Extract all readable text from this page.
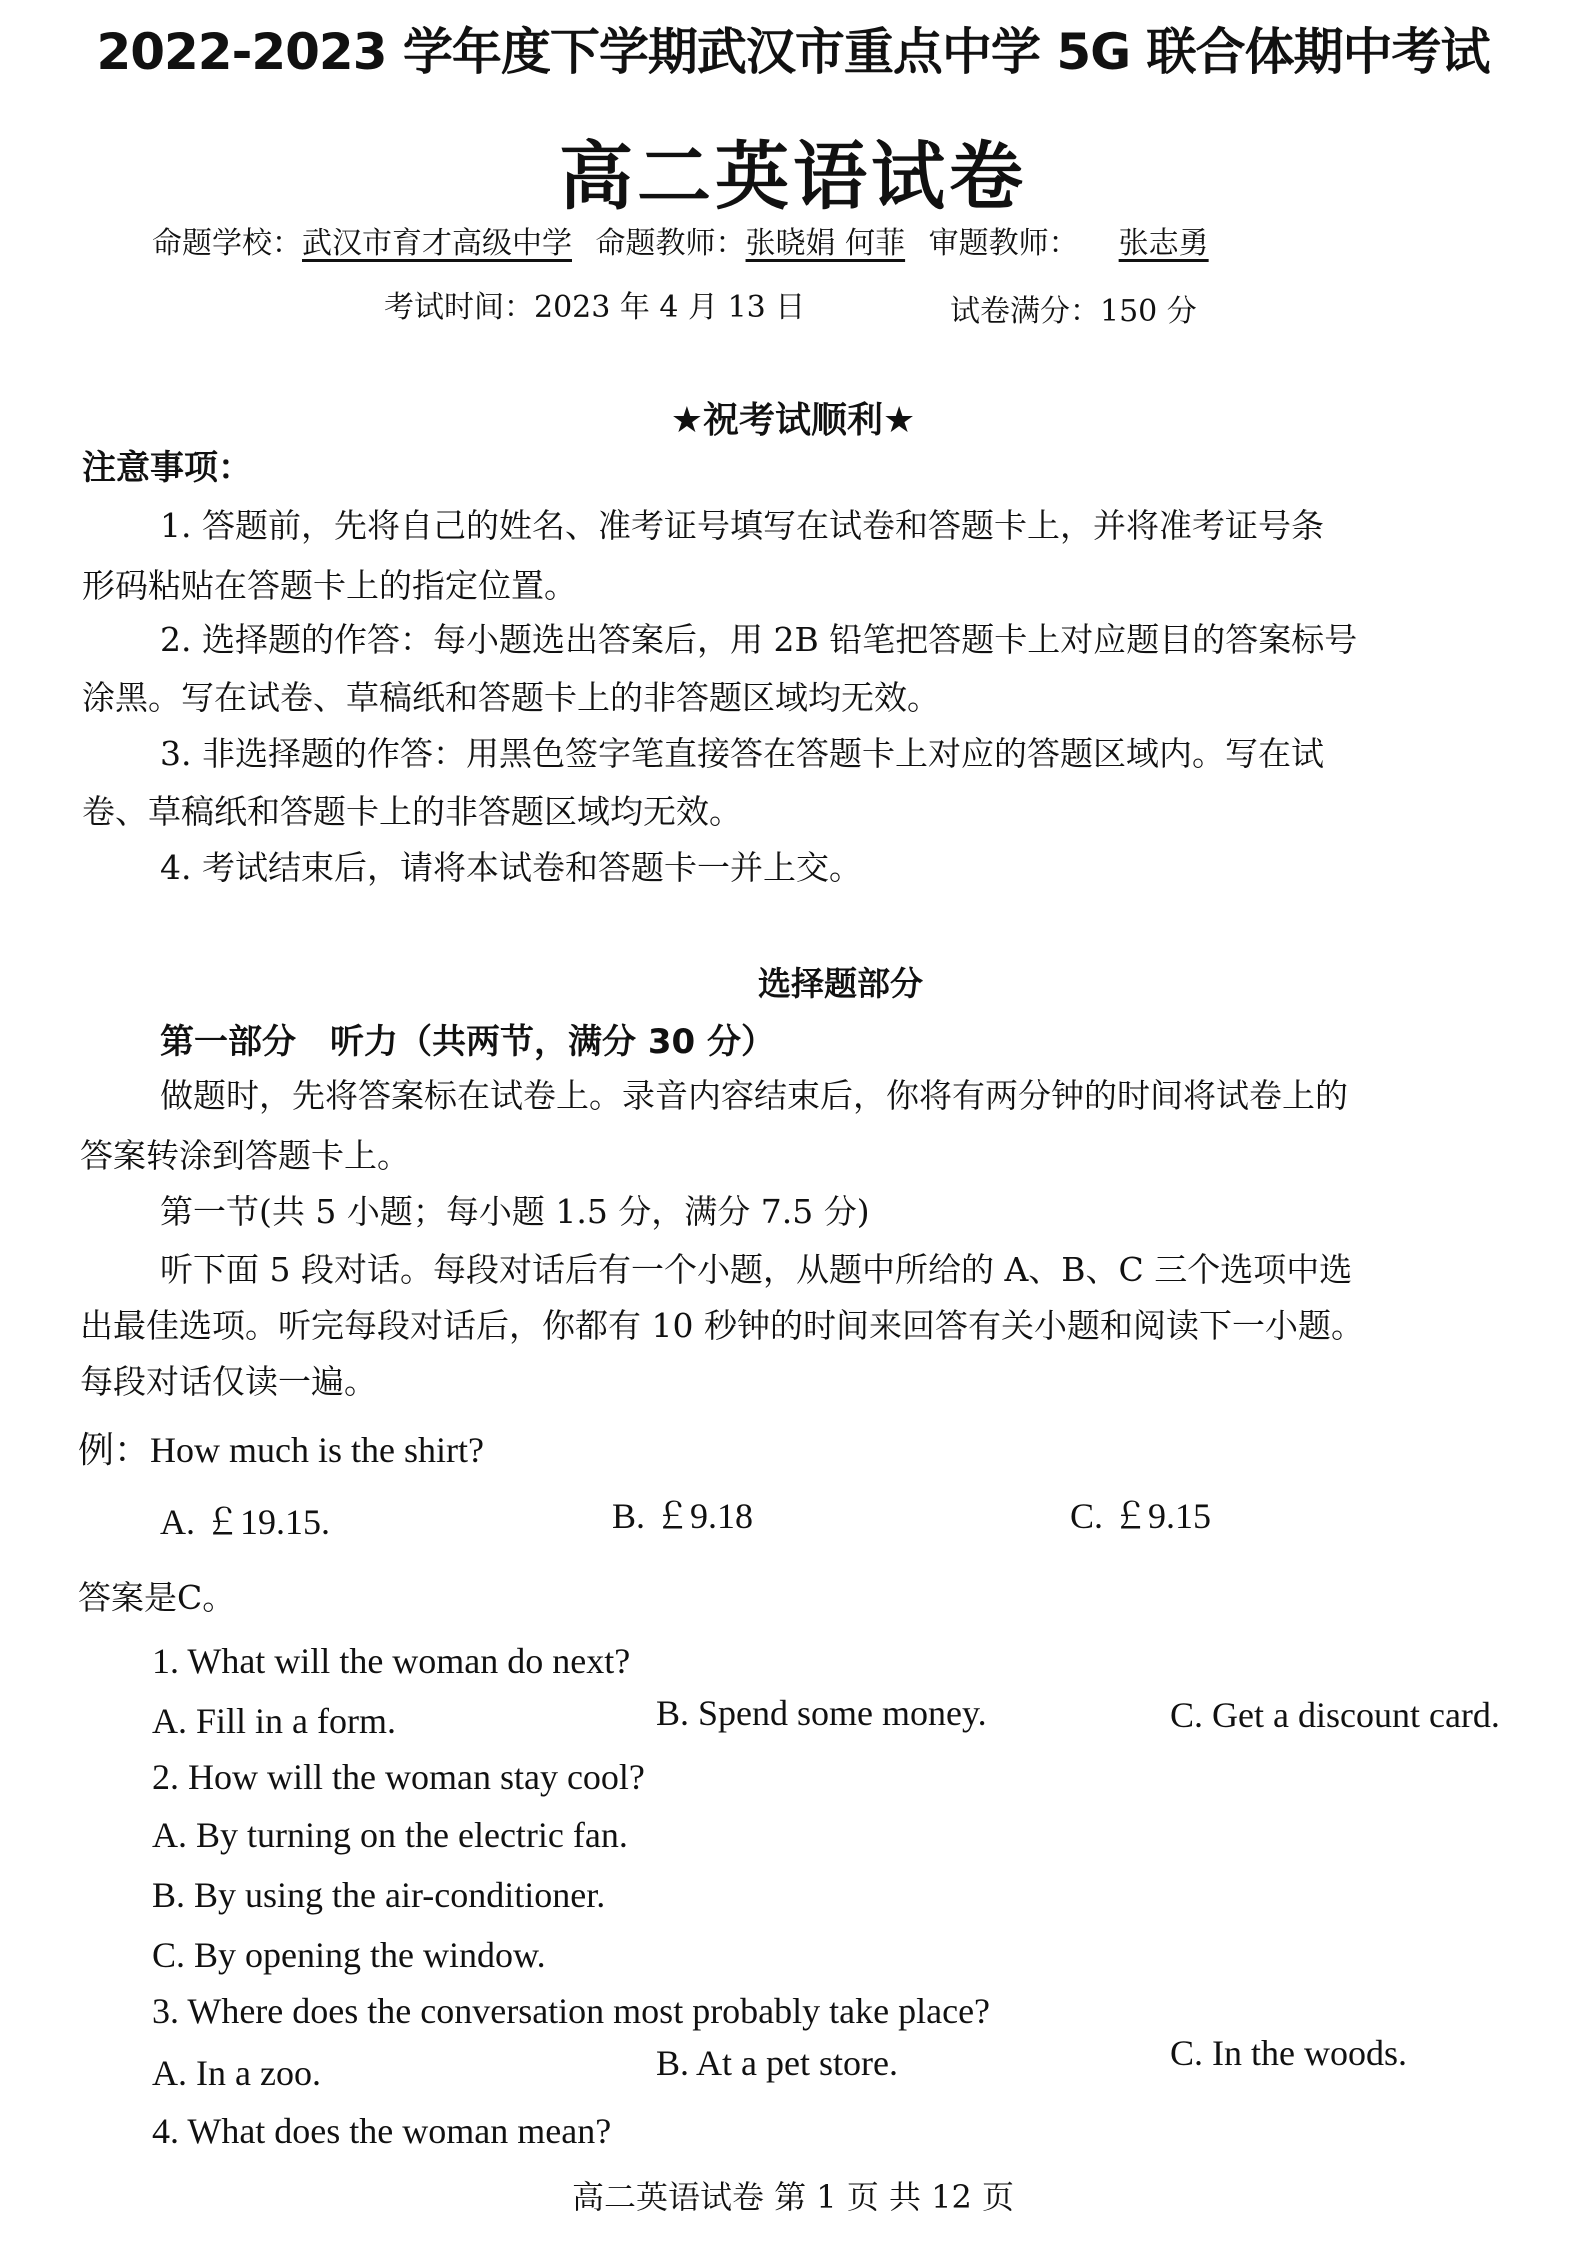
2022-2023 学年度下学期武汉市重点中学 5G 联合体期中考试
高二英语试卷
命题学校：武汉市育才高级中学 命题教师：张晓娟 何菲 审题教师： 张志勇
考试时间：2023 年 4 月 13 日	试卷满分：150 分
★祝考试顺利★
注意事项：
1. 答题前，先将自己的姓名、准考证号填写在试卷和答题卡上，并将准考证号条
形码粘贴在答题卡上的指定位置。
2. 选择题的作答：每小题选出答案后，用 2B 铅笔把答题卡上对应题目的答案标号
涂黑。写在试卷、草稿纸和答题卡上的非答题区域均无效。
3. 非选择题的作答：用黑色签字笔直接答在答题卡上对应的答题区域内。写在试
卷、草稿纸和答题卡上的非答题区域均无效。
4. 考试结束后，请将本试卷和答题卡一并上交。
选择题部分
第一部分　听力（共两节，满分 30 分）
做题时，先将答案标在试卷上。录音内容结束后，你将有两分钟的时间将试卷上的
答案转涂到答题卡上。
第一节(共 5 小题；每小题 1.5 分，满分 7.5 分)
听下面 5 段对话。每段对话后有一个小题，从题中所给的 A、B、C 三个选项中选
出最佳选项。听完每段对话后，你都有 10 秒钟的时间来回答有关小题和阅读下一小题。
每段对话仅读一遍。
例：How much is the shirt?
A. ￡19.15.	B. ￡9.18	C. ￡9.15
答案是C。
1. What will the woman do next?
A. Fill in a form.	B. Spend some money.	C. Get a discount card.
2. How will the woman stay cool?
A. By turning on the electric fan.
B. By using the air-conditioner.
C. By opening the window.
3. Where does the conversation most probably take place?
A. In a zoo.	B. At a pet store.	C. In the woods.
4. What does the woman mean?
高二英语试卷 第 1 页 共 12 页
